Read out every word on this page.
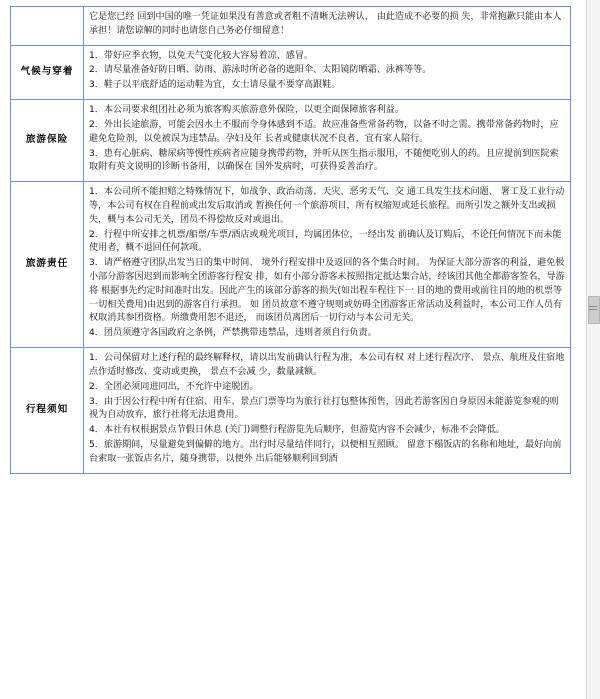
	它是您已经 回到中国的唯一凭证如果没有善意或者粗不清晰无法辨认， 由此造成不必要的损 失，非常抱歉只能由本人承担！请您谅解的同时也请您自己务必仔细留意！

气候与穿着	1．带好应季衣物，以免天气变化较大容易着凉、感冒。

2．请尽量准备好防日晒、防雨、游泳时所必备的遮阳伞、太阳镜防晒霜、泳裤等等。

3．鞋子以平底舒适的运动鞋为宜，女士请尽量不要穿高跟鞋。

旅游保险	1．本公司要求组团社必须为旅客购买旅游意外保险，以更全面保障旅客利益。

2．外出长途旅游，可能会因水土不服而令身体感到不适。故应准备些常备药物，以备不时之需。携带常备药物时，应避免危险剂，以免被误为违禁品。孕妇及年 长者或健康状况不良者，宜有家人陪行。

3．患有心脏病、糖尿病等慢性疾病者应随身携带药物，并听从医生指示服用，不随便吃别人的药。且应提前到医院索取附有英文说明的诊断书备用，以确保在 国外发病时，可获得妥善治疗。

旅游责任	1．本公司所不能担赔之特殊情况下，如战争、政治动荡、天灾、恶劣天气、交 通工具发生技术问题、 署工及工业行动等，本公司有权在自程前或出发后取消或 暂换任何一个旅游项目，所有权缩短或延长旅程。而所引发之额外支出或损失，概与本公司无关，团员不得偿故反对或退出。

2．行程中所安排之机票/船票/车票/酒店或观光项目，均属团体位，一经出发 前确认及订购后，不论任何情况下而未能使用者，概不退回任何款项。

3．请严格遵守团队出发当日的集中时间、 境外行程安排中及返回的各个集合时间。 为保证大部分游客的利益，避免极小部分游客因迟到而影响全团游客行程安 排，如有小部分游客未按照指定抵达集合站，经该团其他全都游客签名，导游将 根据事先约定时间准时出发。因此产生的该部分游客的损失(如出程车程往下一 目的地的费用或前往目的地的机票等一切相关费用)由迟到的游客自行承担。 如 团员故意不遵守规则或妨碍全团游客正常活动及利益时，本公司工作人员有权取消其参团资格。所缴费用恕不退还， 而该团员离团后一切行动与本公司无关。

4．团员须遵守各国政府之条例，严禁携带违禁品，违则者须自行负责。

行程须知	1．公司保留对上述行程的最终解释权，请以出发前确认行程为准，本公司有权 对上述行程次序、 景点、航班及住宿地点作适时修改、变动或更换， 景点不会减 少，数量减额。

2．全团必须同进同出，不允许中途脱团。

3．由于因公行程中所有住宿、用车、景点门票等均为旅行社打包整体预售，因此若游客因自身原因未能游览参观的则视为自动放弃，旅行社将无法退费用。

4．本社有权根据景点节假日休息 (关门)调整行程游览先后顺序，但游览内容不会减少，标准不会降低。

5．旅游期间，尽量避免到偏僻的地方。出行时尽量结伴同行，以便相互照顾。 留意下榻饭店的名称和地址，最好向前台索取一张饭店名片，随身携带，以便外 出后能够顺利回到酒
